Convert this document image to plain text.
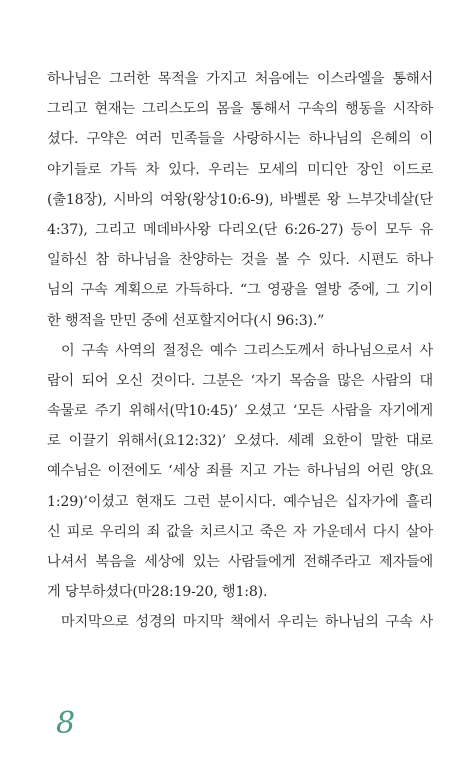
하나님은 그러한 목적을 가지고 처음에는 이스라엘을 통해서
그리고 현재는 그리스도의 몸을 통해서 구속의 행동을 시작하
셨다. 구약은 여러 민족들을 사랑하시는 하나님의 은혜의 이
야기들로 가득 차 있다. 우리는 모세의 미디안 장인 이드로
(출18장), 시바의 여왕(왕상10:6-9), 바벨론 왕 느부갓네살(단
4:37), 그리고 메데바사왕 다리오(단 6:26-27) 등이 모두 유
일하신 참 하나님을 찬양하는 것을 볼 수 있다. 시편도 하나
님의 구속 계획으로 가득하다. “그 영광을 열방 중에, 그 기이
한 행적을 만민 중에 선포할지어다(시 96:3).”
이 구속 사역의 절정은 예수 그리스도께서 하나님으로서 사
람이 되어 오신 것이다. 그분은 ‘자기 목숨을 많은 사람의 대
속물로 주기 위해서(막10:45)’ 오셨고 ‘모든 사람을 자기에게
로 이끌기 위해서(요12:32)’ 오셨다. 세례 요한이 말한 대로
예수님은 이전에도 ‘세상 죄를 지고 가는 하나님의 어린 양(요
1:29)’이셨고 현재도 그런 분이시다. 예수님은 십자가에 흘리
신 피로 우리의 죄 값을 치르시고 죽은 자 가운데서 다시 살아
나셔서 복음을 세상에 있는 사람들에게 전해주라고 제자들에
게 당부하셨다(마28:19-20, 행1:8).
마지막으로 성경의 마지막 책에서 우리는 하나님의 구속 사
8
